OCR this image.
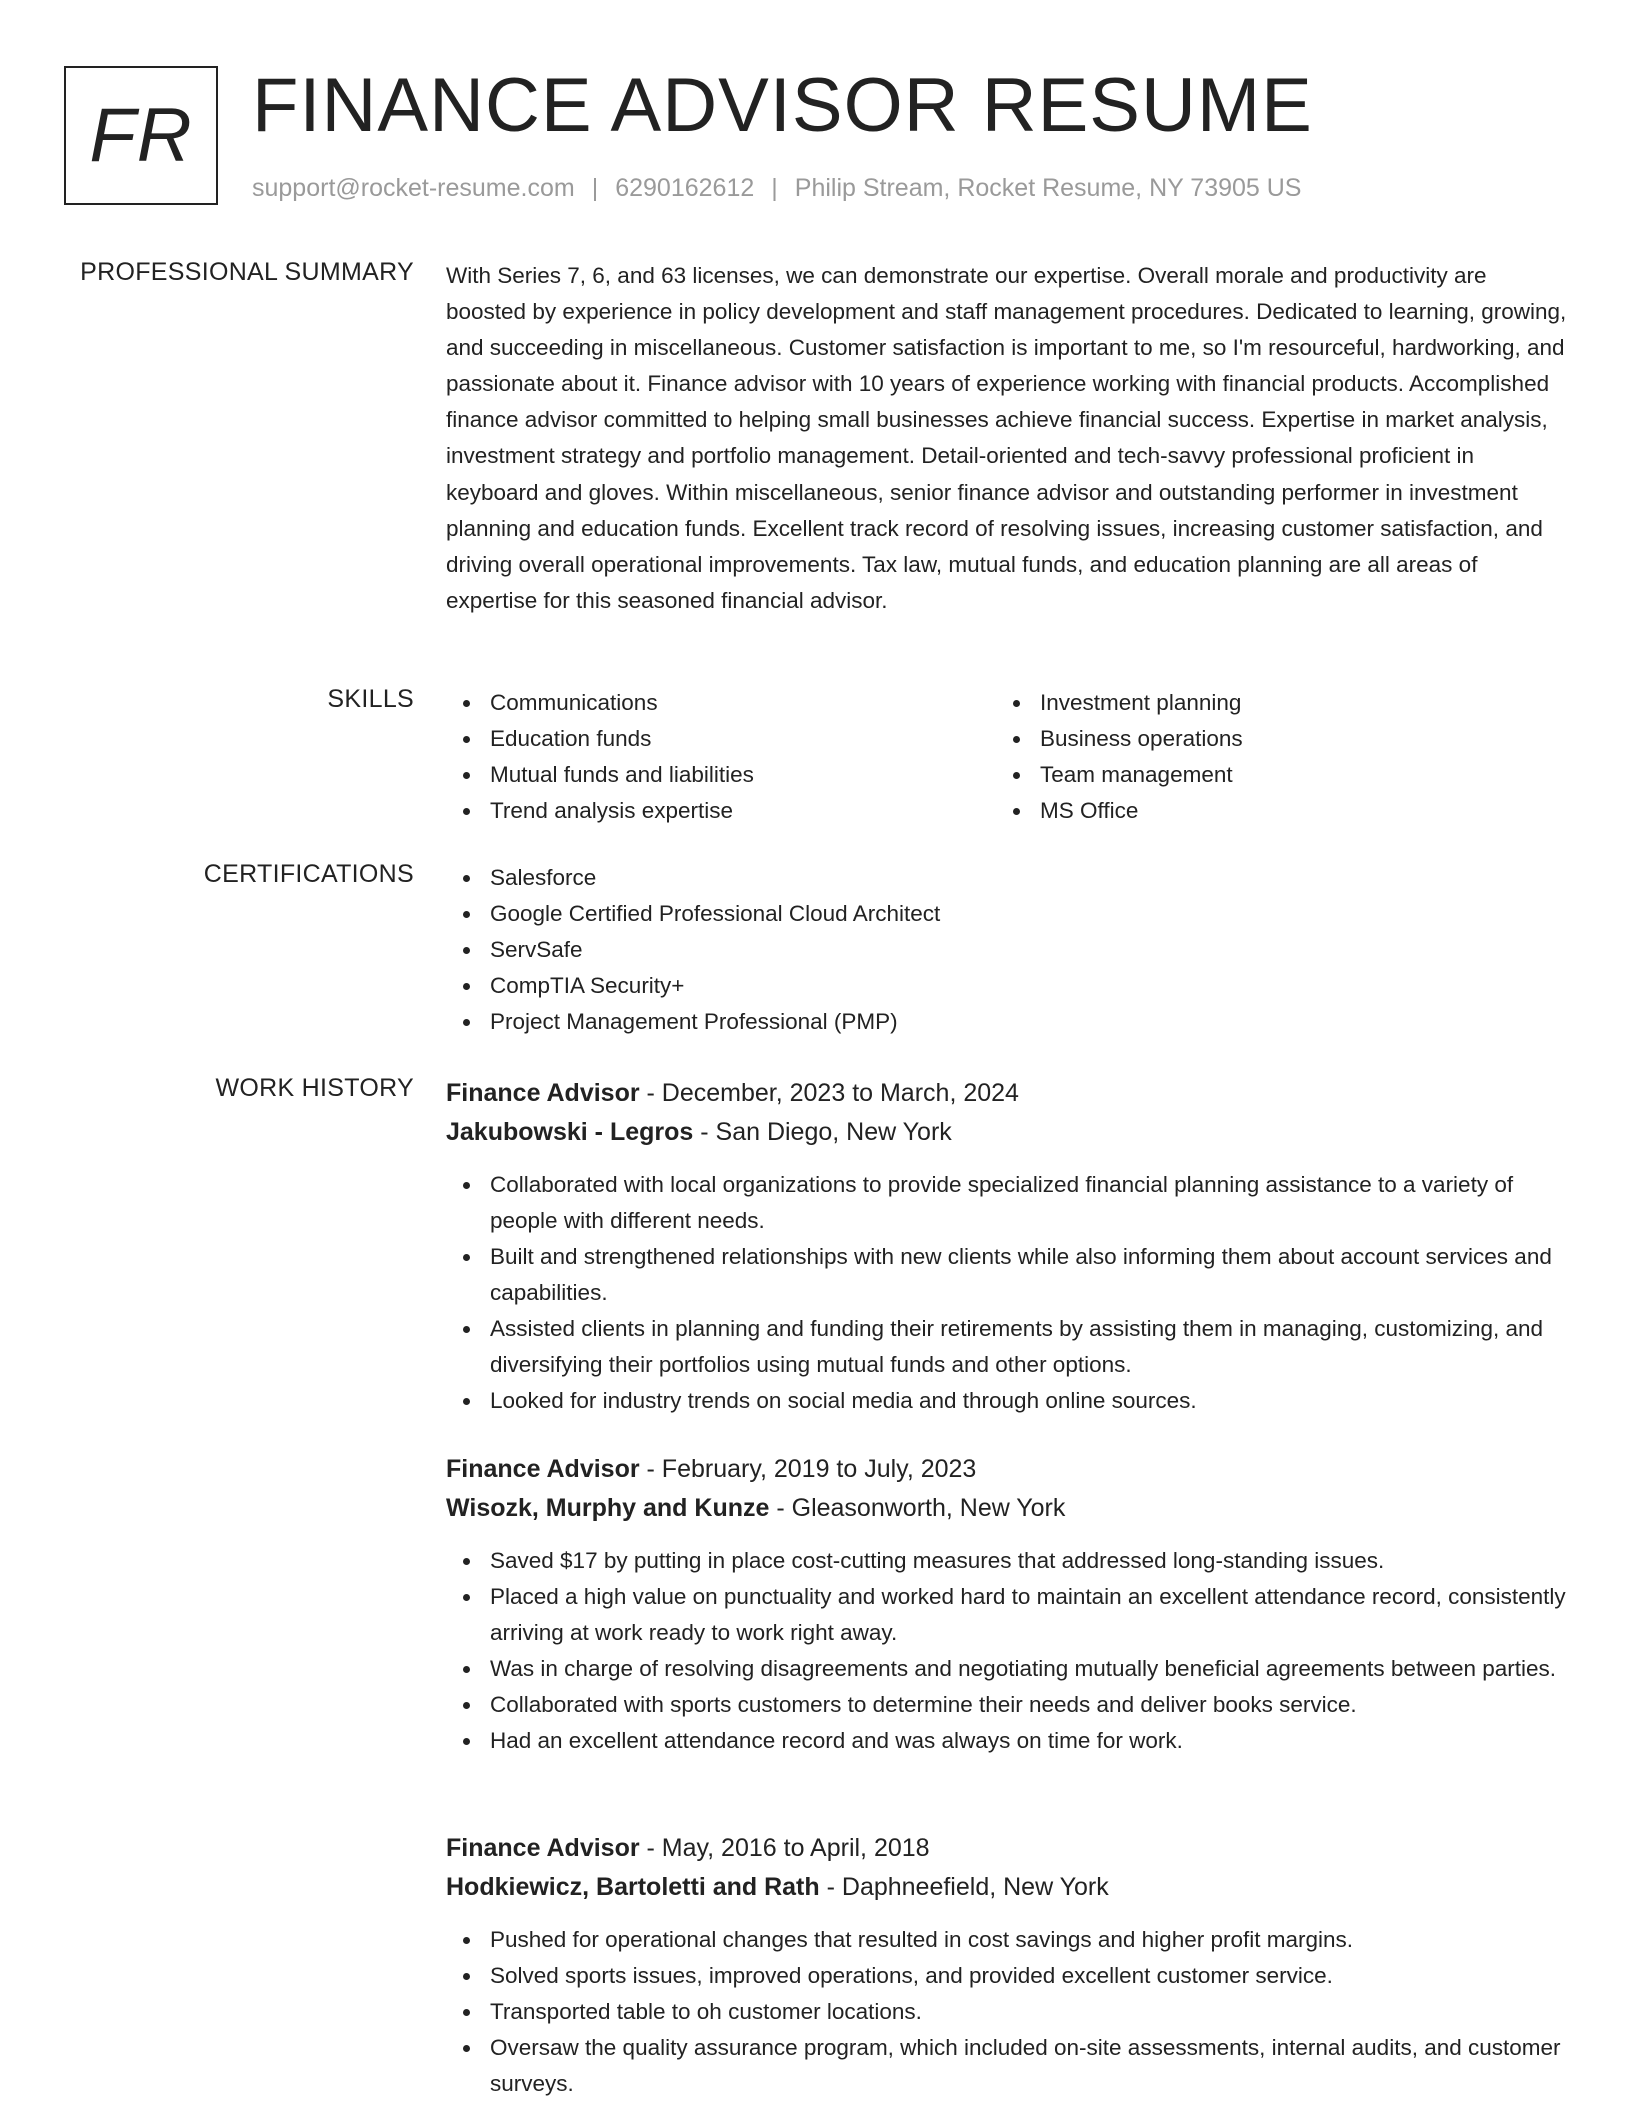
FR FINANCE ADVISOR RESUME
support@rocket-resume.com | 6290162612 | Philip Stream, Rocket Resume, NY 73905 US
PROFESSIONAL SUMMARY With Series 7, 6, and 63 licenses, we can demonstrate our expertise. Overall morale and productivity are boosted by experience in policy development and staff management procedures. Dedicated to learning, growing, and succeeding in miscellaneous. Customer satisfaction is important to me, so I'm resourceful, hardworking, and passionate about it. Finance advisor with 10 years of experience working with financial products. Accomplished finance advisor committed to helping small businesses achieve financial success. Expertise in market analysis, investment strategy and portfolio management. Detail-oriented and tech-savvy professional proficient in keyboard and gloves. Within miscellaneous, senior finance advisor and outstanding performer in investment planning and education funds. Excellent track record of resolving issues, increasing customer satisfaction, and driving overall operational improvements. Tax law, mutual funds, and education planning are all areas of expertise for this seasoned financial advisor.
SKILLS	Communications
Education funds
Mutual funds and liabilities
Trend analysis expertise
Investment planning
Business operations
Team management
MS Office
CERTIFICATIONS	Salesforce
Google Certified Professional Cloud Architect
ServSafe
CompTIA Security+
Project Management Professional (PMP)
WORK HISTORY Finance Advisor - December, 2023 to March, 2024
Jakubowski - Legros - San Diego, New York
Collaborated with local organizations to provide specialized financial planning assistance to a variety of people with different needs.
Built and strengthened relationships with new clients while also informing them about account services and capabilities.
Assisted clients in planning and funding their retirements by assisting them in managing, customizing, and diversifying their portfolios using mutual funds and other options.
Looked for industry trends on social media and through online sources.
Finance Advisor - February, 2019 to July, 2023
Wisozk, Murphy and Kunze - Gleasonworth, New York
Saved $17 by putting in place cost-cutting measures that addressed long-standing issues.
Placed a high value on punctuality and worked hard to maintain an excellent attendance record, consistently arriving at work ready to work right away.
Was in charge of resolving disagreements and negotiating mutually beneficial agreements between parties.
Collaborated with sports customers to determine their needs and deliver books service.
Had an excellent attendance record and was always on time for work.
Finance Advisor - May, 2016 to April, 2018
Hodkiewicz, Bartoletti and Rath - Daphneefield, New York
Pushed for operational changes that resulted in cost savings and higher profit margins.
Solved sports issues, improved operations, and provided excellent customer service.
Transported table to oh customer locations.
Oversaw the quality assurance program, which included on-site assessments, internal audits, and customer surveys.
